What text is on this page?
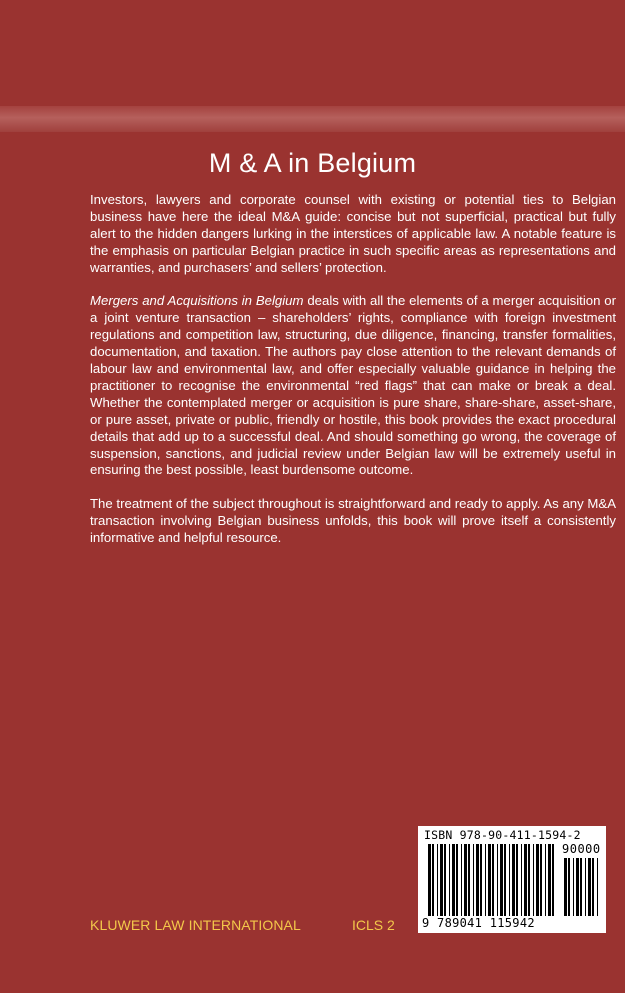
M & A in Belgium

Investors, lawyers and corporate counsel with existing or potential ties to Belgian business have here the ideal M&A guide: concise but not superficial, practical but fully alert to the hidden dangers lurking in the interstices of applicable law. A notable feature is the emphasis on particular Belgian practice in such specific areas as representations and warranties, and purchasers’ and sellers’ protection.

Mergers and Acquisitions in Belgium deals with all the elements of a merger acquisition or a joint venture transaction – shareholders’ rights, compliance with foreign investment regulations and competition law, structuring, due diligence, financing, transfer formalities, documentation, and taxation. The authors pay close attention to the relevant demands of labour law and environmental law, and offer especially valuable guidance in helping the practitioner to recognise the environmental “red flags” that can make or break a deal. Whether the contemplated merger or acquisition is pure share, share-share, asset-share, or pure asset, private or public, friendly or hostile, this book provides the exact procedural details that add up to a successful deal. And should something go wrong, the coverage of suspension, sanctions, and judicial review under Belgian law will be extremely useful in ensuring the best possible, least burdensome outcome.

The treatment of the subject throughout is straightforward and ready to apply. As any M&A transaction involving Belgian business unfolds, this book will prove itself a consistently informative and helpful resource.

KLUWER LAW INTERNATIONAL	ICLS 2
ISBN 978-90-411-1594-2
90000
9 789041 115942
